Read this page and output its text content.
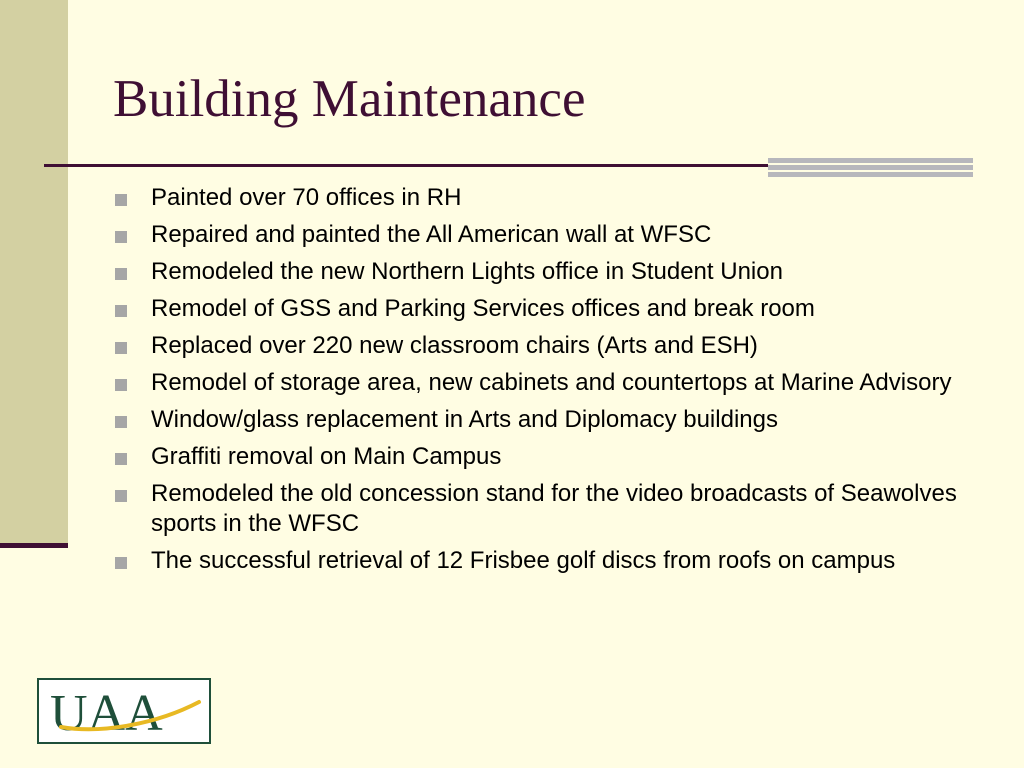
Building Maintenance
Painted over 70 offices in RH
Repaired and painted the All American wall at WFSC
Remodeled the new Northern Lights office in Student Union
Remodel of GSS and Parking Services offices and break room
Replaced over 220 new classroom chairs (Arts and ESH)
Remodel of storage area, new cabinets and countertops at Marine Advisory
Window/glass replacement in Arts and Diplomacy buildings
Graffiti removal on Main Campus
Remodeled the old concession stand for the video broadcasts of Seawolves sports in the WFSC
The successful retrieval of 12 Frisbee golf discs from roofs on campus
UAA
